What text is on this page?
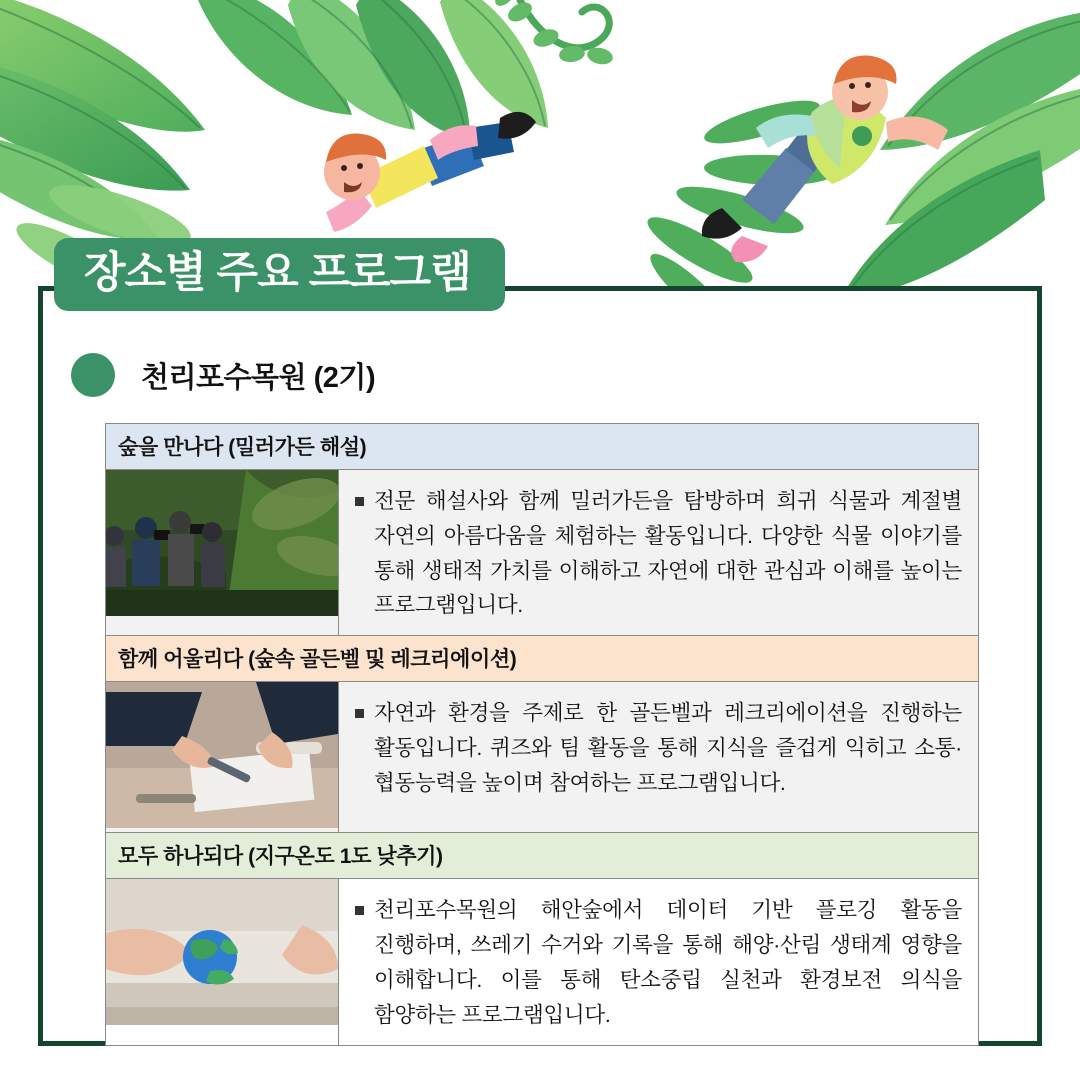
장소별 주요 프로그램
천리포수목원 (2기)
숲을 만나다 (밀러가든 해설)
전문 해설사와 함께 밀러가든을 탐방하며 희귀 식물과 계절별 자연의 아름다움을 체험하는 활동입니다. 다양한 식물 이야기를 통해 생태적 가치를 이해하고 자연에 대한 관심과 이해를 높이는 프로그램입니다.
함께 어울리다 (숲속 골든벨 및 레크리에이션)
자연과 환경을 주제로 한 골든벨과 레크리에이션을 진행하는 활동입니다. 퀴즈와 팀 활동을 통해 지식을 즐겁게 익히고 소통·협동능력을 높이며 참여하는 프로그램입니다.
모두 하나되다 (지구온도 1도 낮추기)
천리포수목원의 해안숲에서 데이터 기반 플로깅 활동을 진행하며, 쓰레기 수거와 기록을 통해 해양·산림 생태계 영향을 이해합니다. 이를 통해 탄소중립 실천과 환경보전 의식을 함양하는 프로그램입니다.
